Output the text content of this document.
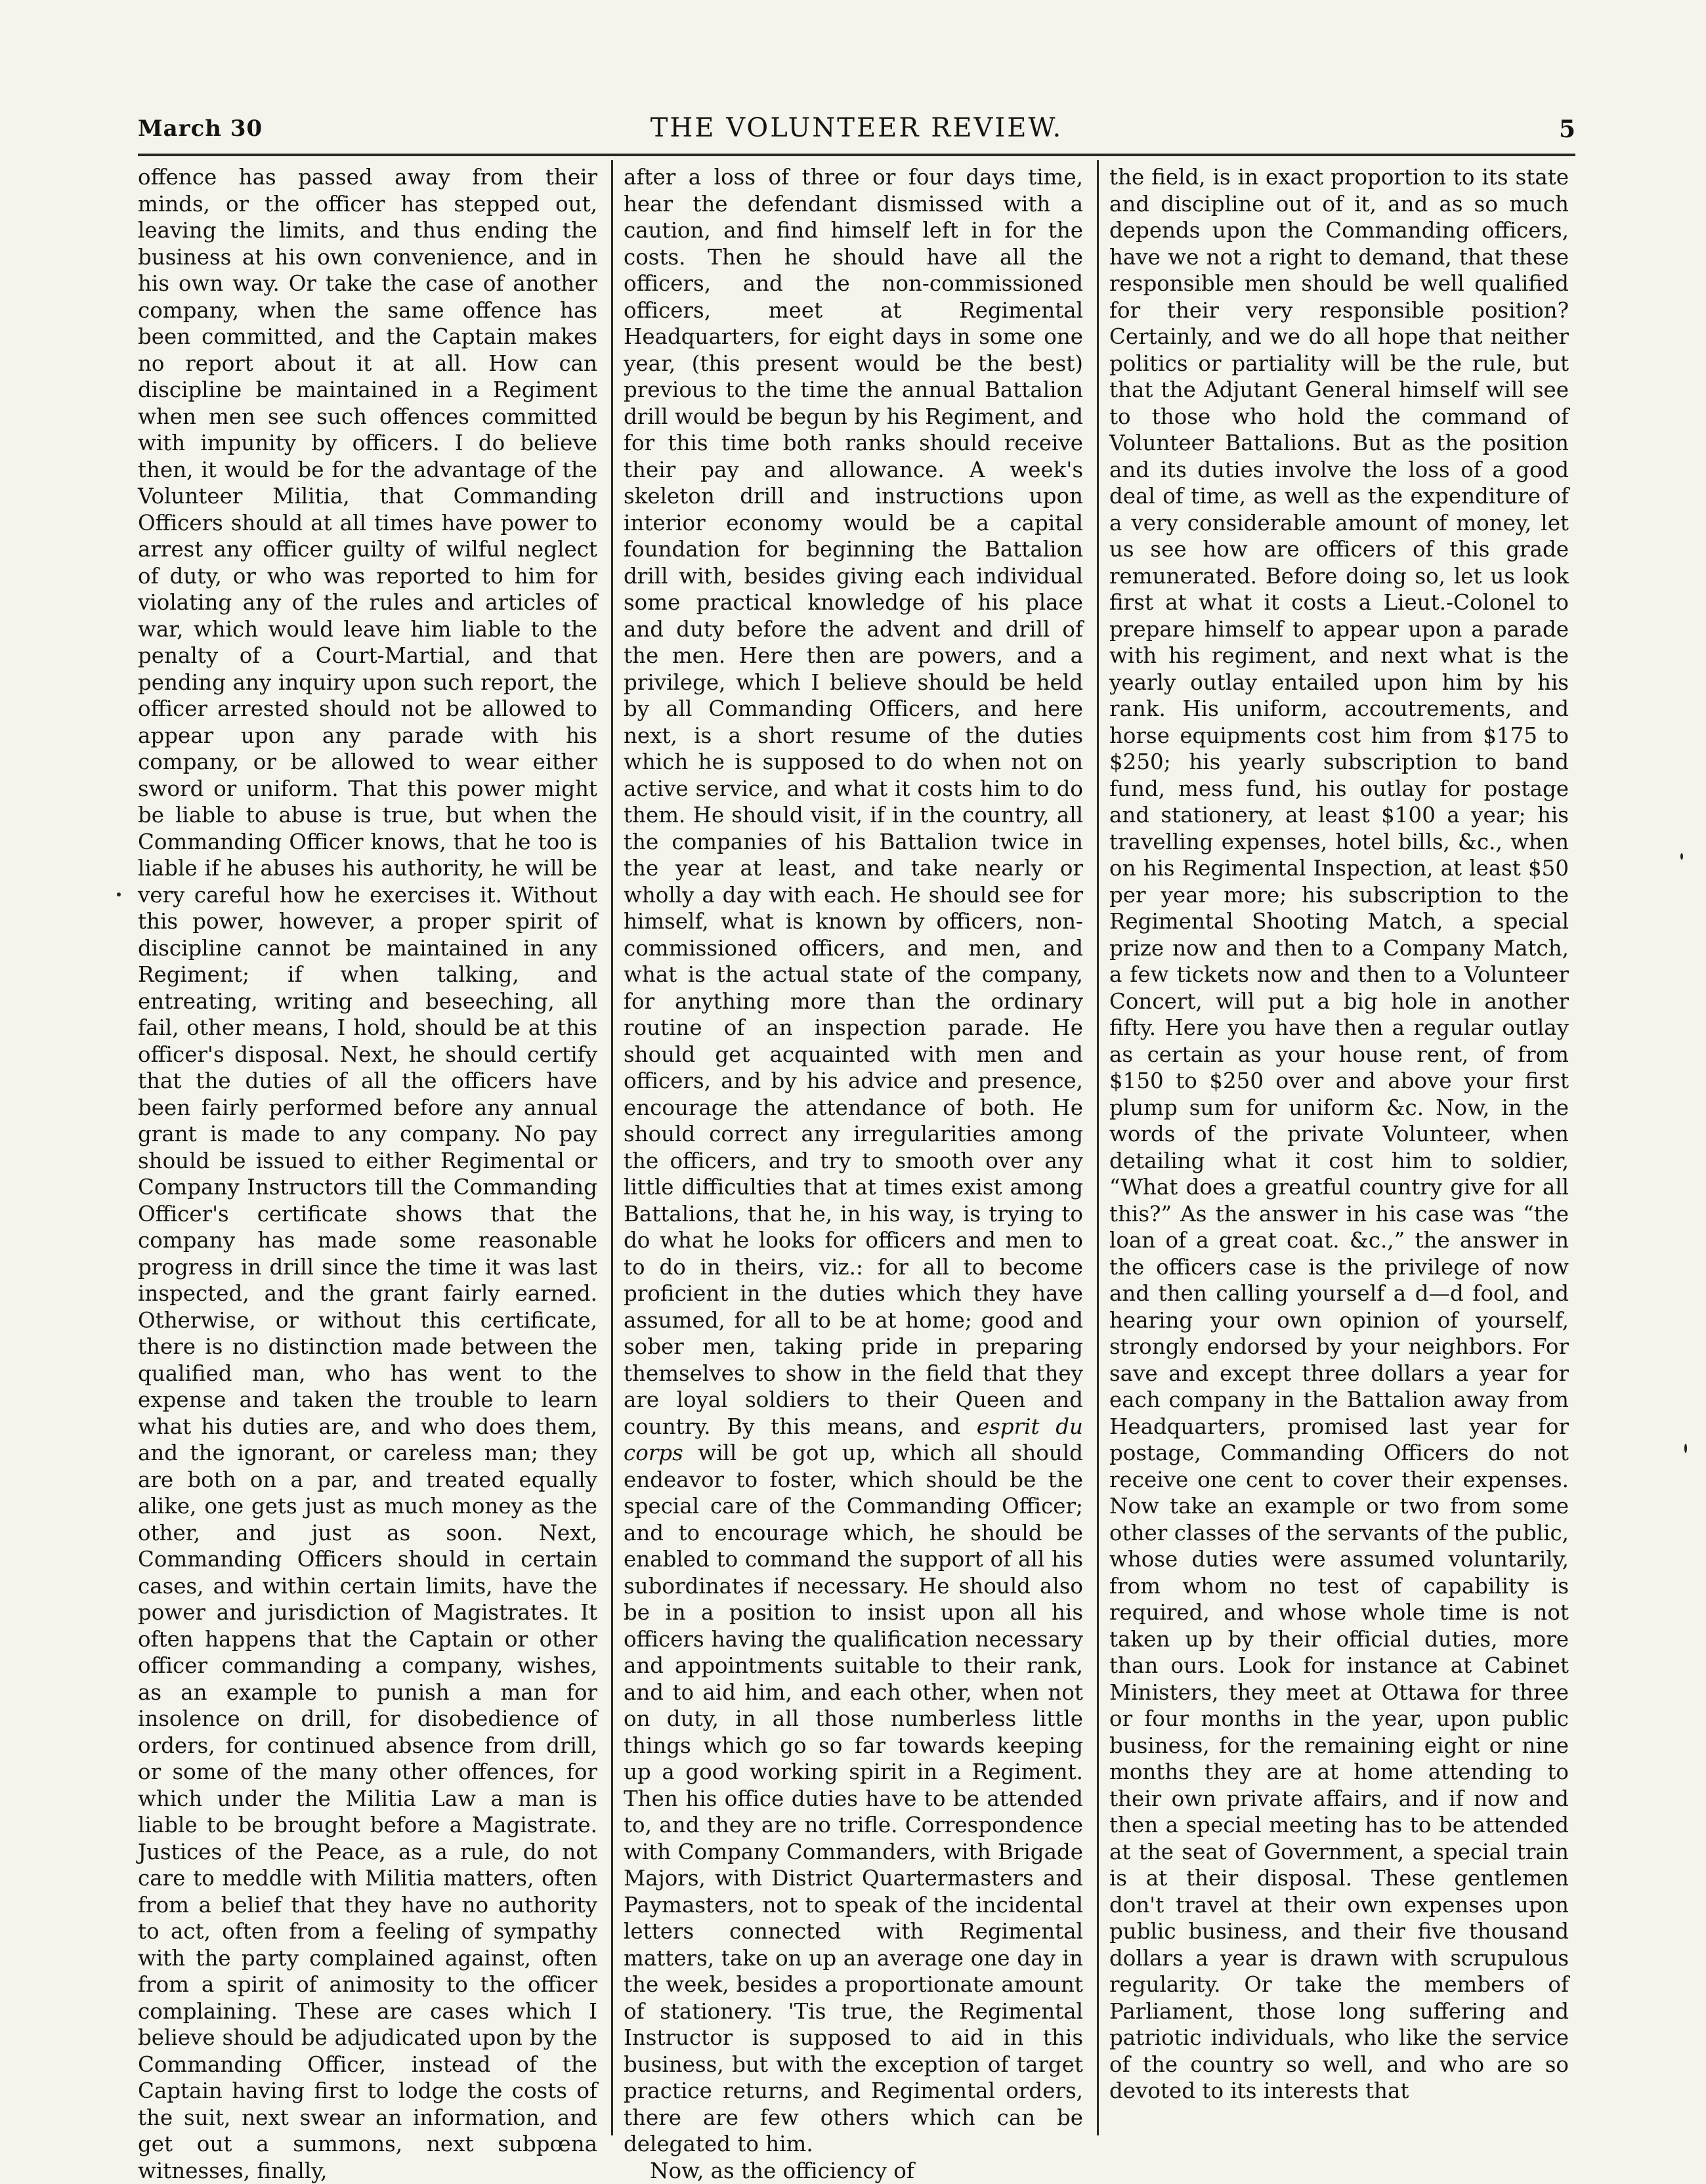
March 30	THE VOLUNTEER REVIEW.	5

offence has passed away from their minds, or the officer has stepped out, leaving the limits, and thus ending the business at his own convenience, and in his own way. Or take the case of another company, when the same offence has been committed, and the Captain makes no report about it at all. How can discipline be maintained in a Regiment when men see such offences committed with impunity by officers. I do believe then, it would be for the advantage of the Volunteer Militia, that Commanding Officers should at all times have power to arrest any officer guilty of wilful neglect of duty, or who was reported to him for violating any of the rules and articles of war, which would leave him liable to the penalty of a Court-Martial, and that pending any inquiry upon such report, the officer arrested should not be allowed to appear upon any parade with his company, or be allowed to wear either sword or uniform. That this power might be liable to abuse is true, but when the Commanding Officer knows, that he too is liable if he abuses his authority, he will be very careful how he exercises it. Without this power, however, a proper spirit of discipline cannot be maintained in any Regiment; if when talking, and entreating, writing and beseeching, all fail, other means, I hold, should be at this officer's disposal. Next, he should certify that the duties of all the officers have been fairly performed before any annual grant is made to any company. No pay should be issued to either Regimental or Company Instructors till the Commanding Officer's certificate shows that the company has made some reasonable progress in drill since the time it was last inspected, and the grant fairly earned. Otherwise, or without this certificate, there is no distinction made between the qualified man, who has went to the expense and taken the trouble to learn what his duties are, and who does them, and the ignorant, or careless man; they are both on a par, and treated equally alike, one gets just as much money as the other, and just as soon. Next, Commanding Officers should in certain cases, and within certain limits, have the power and jurisdiction of Magistrates. It often happens that the Captain or other officer commanding a company, wishes, as an example to punish a man for insolence on drill, for disobedience of orders, for continued absence from drill, or some of the many other offences, for which under the Militia Law a man is liable to be brought before a Magistrate. Justices of the Peace, as a rule, do not care to meddle with Militia matters, often from a belief that they have no authority to act, often from a feeling of sympathy with the party complained against, often from a spirit of animosity to the officer complaining. These are cases which I believe should be adjudicated upon by the Commanding Officer, instead of the Captain having first to lodge the costs of the suit, next swear an information, and get out a summons, next subpœna witnesses, finally,

after a loss of three or four days time, hear the defendant dismissed with a caution, and find himself left in for the costs. Then he should have all the officers, and the non-commissioned officers, meet at Regimental Headquarters, for eight days in some one year, (this present would be the best) previous to the time the annual Battalion drill would be begun by his Regiment, and for this time both ranks should receive their pay and allowance. A week's skeleton drill and instructions upon interior economy would be a capital foundation for beginning the Battalion drill with, besides giving each individual some practical knowledge of his place and duty before the advent and drill of the men. Here then are powers, and a privilege, which I believe should be held by all Commanding Officers, and here next, is a short resume of the duties which he is supposed to do when not on active service, and what it costs him to do them. He should visit, if in the country, all the companies of his Battalion twice in the year at least, and take nearly or wholly a day with each. He should see for himself, what is known by officers, non-commissioned officers, and men, and what is the actual state of the company, for anything more than the ordinary routine of an inspection parade. He should get acquainted with men and officers, and by his advice and presence, encourage the attendance of both. He should correct any irregularities among the officers, and try to smooth over any little difficulties that at times exist among Battalions, that he, in his way, is trying to do what he looks for officers and men to to do in theirs, viz.: for all to become proficient in the duties which they have assumed, for all to be at home; good and sober men, taking pride in preparing themselves to show in the field that they are loyal soldiers to their Queen and country. By this means, and esprit du corps will be got up, which all should endeavor to foster, which should be the special care of the Commanding Officer; and to encourage which, he should be enabled to command the support of all his subordinates if necessary. He should also be in a position to insist upon all his officers having the qualification necessary and appointments suitable to their rank, and to aid him, and each other, when not on duty, in all those numberless little things which go so far towards keeping up a good working spirit in a Regiment. Then his office duties have to be attended to, and they are no trifle. Correspondence with Company Commanders, with Brigade Majors, with District Quartermasters and Paymasters, not to speak of the incidental letters connected with Regimental matters, take on up an average one day in the week, besides a proportionate amount of stationery. 'Tis true, the Regimental Instructor is supposed to aid in this business, but with the exception of target practice returns, and Regimental orders, there are few others which can be delegated to him.

Now, as the officiency of

the field, is in exact proportion to its state and discipline out of it, and as so much depends upon the Commanding officers, have we not a right to demand, that these responsible men should be well qualified for their very responsible position? Certainly, and we do all hope that neither politics or partiality will be the rule, but that the Adjutant General himself will see to those who hold the command of Volunteer Battalions. But as the position and its duties involve the loss of a good deal of time, as well as the expenditure of a very considerable amount of money, let us see how are officers of this grade remunerated. Before doing so, let us look first at what it costs a Lieut.-Colonel to prepare himself to appear upon a parade with his regiment, and next what is the yearly outlay entailed upon him by his rank. His uniform, accoutrements, and horse equipments cost him from $175 to $250; his yearly subscription to band fund, mess fund, his outlay for postage and stationery, at least $100 a year; his travelling expenses, hotel bills, &c., when on his Regimental Inspection, at least $50 per year more; his subscription to the Regimental Shooting Match, a special prize now and then to a Company Match, a few tickets now and then to a Volunteer Concert, will put a big hole in another fifty. Here you have then a regular outlay as certain as your house rent, of from $150 to $250 over and above your first plump sum for uniform &c. Now, in the words of the private Volunteer, when detailing what it cost him to soldier, “What does a greatful country give for all this?” As the answer in his case was “the loan of a great coat. &c.,” the answer in the officers case is the privilege of now and then calling yourself a d—d fool, and hearing your own opinion of yourself, strongly endorsed by your neighbors. For save and except three dollars a year for each company in the Battalion away from Headquarters, promised last year for postage, Commanding Officers do not receive one cent to cover their expenses. Now take an example or two from some other classes of the servants of the public, whose duties were assumed voluntarily, from whom no test of capability is required, and whose whole time is not taken up by their official duties, more than ours. Look for instance at Cabinet Ministers, they meet at Ottawa for three or four months in the year, upon public business, for the remaining eight or nine months they are at home attending to their own private affairs, and if now and then a special meeting has to be attended at the seat of Government, a special train is at their disposal. These gentlemen don't travel at their own expenses upon public business, and their five thousand dollars a year is drawn with scrupulous regularity. Or take the members of Parliament, those long suffering and patriotic individuals, who like the service of the country so well, and who are so devoted to its interests that
